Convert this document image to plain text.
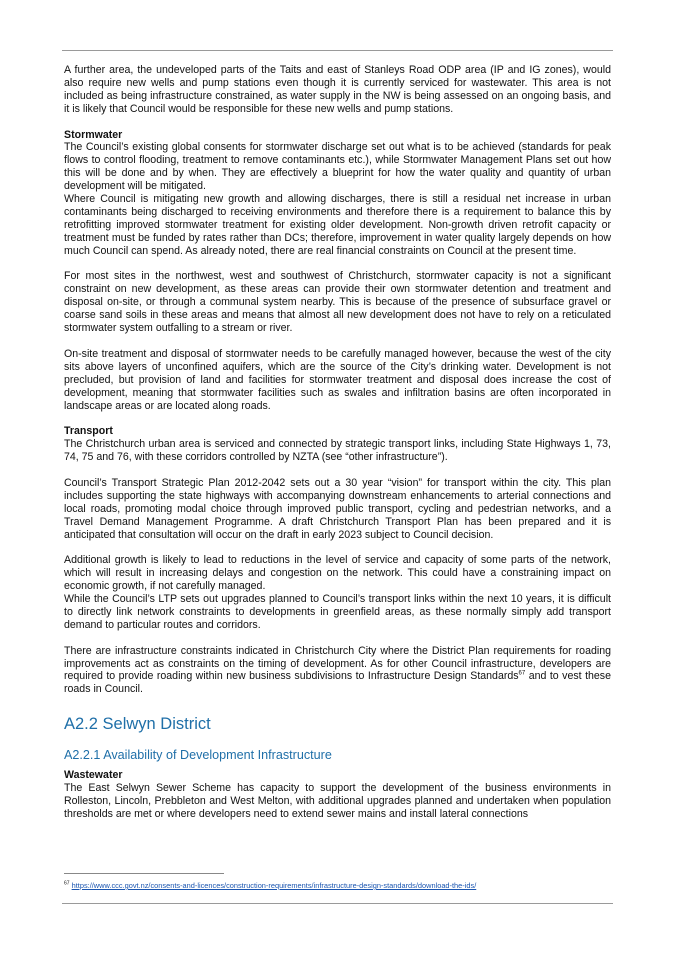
A further area, the undeveloped parts of the Taits and east of Stanleys Road ODP area (IP and IG zones), would also require new wells and pump stations even though it is currently serviced for wastewater. This area is not included as being infrastructure constrained, as water supply in the NW is being assessed on an ongoing basis, and it is likely that Council would be responsible for these new wells and pump stations.

Stormwater

The Council’s existing global consents for stormwater discharge set out what is to be achieved (standards for peak flows to control flooding, treatment to remove contaminants etc.), while Stormwater Management Plans set out how this will be done and by when. They are effectively a blueprint for how the water quality and quantity of urban development will be mitigated.

Where Council is mitigating new growth and allowing discharges, there is still a residual net increase in urban contaminants being discharged to receiving environments and therefore there is a requirement to balance this by retrofitting improved stormwater treatment for existing older development. Non-growth driven retrofit capacity or treatment must be funded by rates rather than DCs; therefore, improvement in water quality largely depends on how much Council can spend. As already noted, there are real financial constraints on Council at the present time.

For most sites in the northwest, west and southwest of Christchurch, stormwater capacity is not a significant constraint on new development, as these areas can provide their own stormwater detention and treatment and disposal on-site, or through a communal system nearby. This is because of the presence of subsurface gravel or coarse sand soils in these areas and means that almost all new development does not have to rely on a reticulated stormwater system outfalling to a stream or river.

On-site treatment and disposal of stormwater needs to be carefully managed however, because the west of the city sits above layers of unconfined aquifers, which are the source of the City’s drinking water. Development is not precluded, but provision of land and facilities for stormwater treatment and disposal does increase the cost of development, meaning that stormwater facilities such as swales and infiltration basins are often incorporated in landscape areas or are located along roads.

Transport

The Christchurch urban area is serviced and connected by strategic transport links, including State Highways 1, 73, 74, 75 and 76, with these corridors controlled by NZTA (see “other infrastructure”).

Council’s Transport Strategic Plan 2012-2042 sets out a 30 year “vision” for transport within the city. This plan includes supporting the state highways with accompanying downstream enhancements to arterial connections and local roads, promoting modal choice through improved public transport, cycling and pedestrian networks, and a Travel Demand Management Programme. A draft Christchurch Transport Plan has been prepared and it is anticipated that consultation will occur on the draft in early 2023 subject to Council decision.

Additional growth is likely to lead to reductions in the level of service and capacity of some parts of the network, which will result in increasing delays and congestion on the network. This could have a constraining impact on economic growth, if not carefully managed.

While the Council’s LTP sets out upgrades planned to Council’s transport links within the next 10 years, it is difficult to directly link network constraints to developments in greenfield areas, as these normally simply add transport demand to particular routes and corridors.

There are infrastructure constraints indicated in Christchurch City where the District Plan requirements for roading improvements act as constraints on the timing of development. As for other Council infrastructure, developers are required to provide roading within new business subdivisions to Infrastructure Design Standards$^{67}$ and to vest these roads in Council.

A2.2 Selwyn District
A2.2.1 Availability of Development Infrastructure
Wastewater

The East Selwyn Sewer Scheme has capacity to support the development of the business environments in Rolleston, Lincoln, Prebbleton and West Melton, with additional upgrades planned and undertaken when population thresholds are met or where developers need to extend sewer mains and install lateral connections

$^{67}$ https://www.ccc.govt.nz/consents-and-licences/construction-requirements/infrastructure-design-standards/download-the-ids/
